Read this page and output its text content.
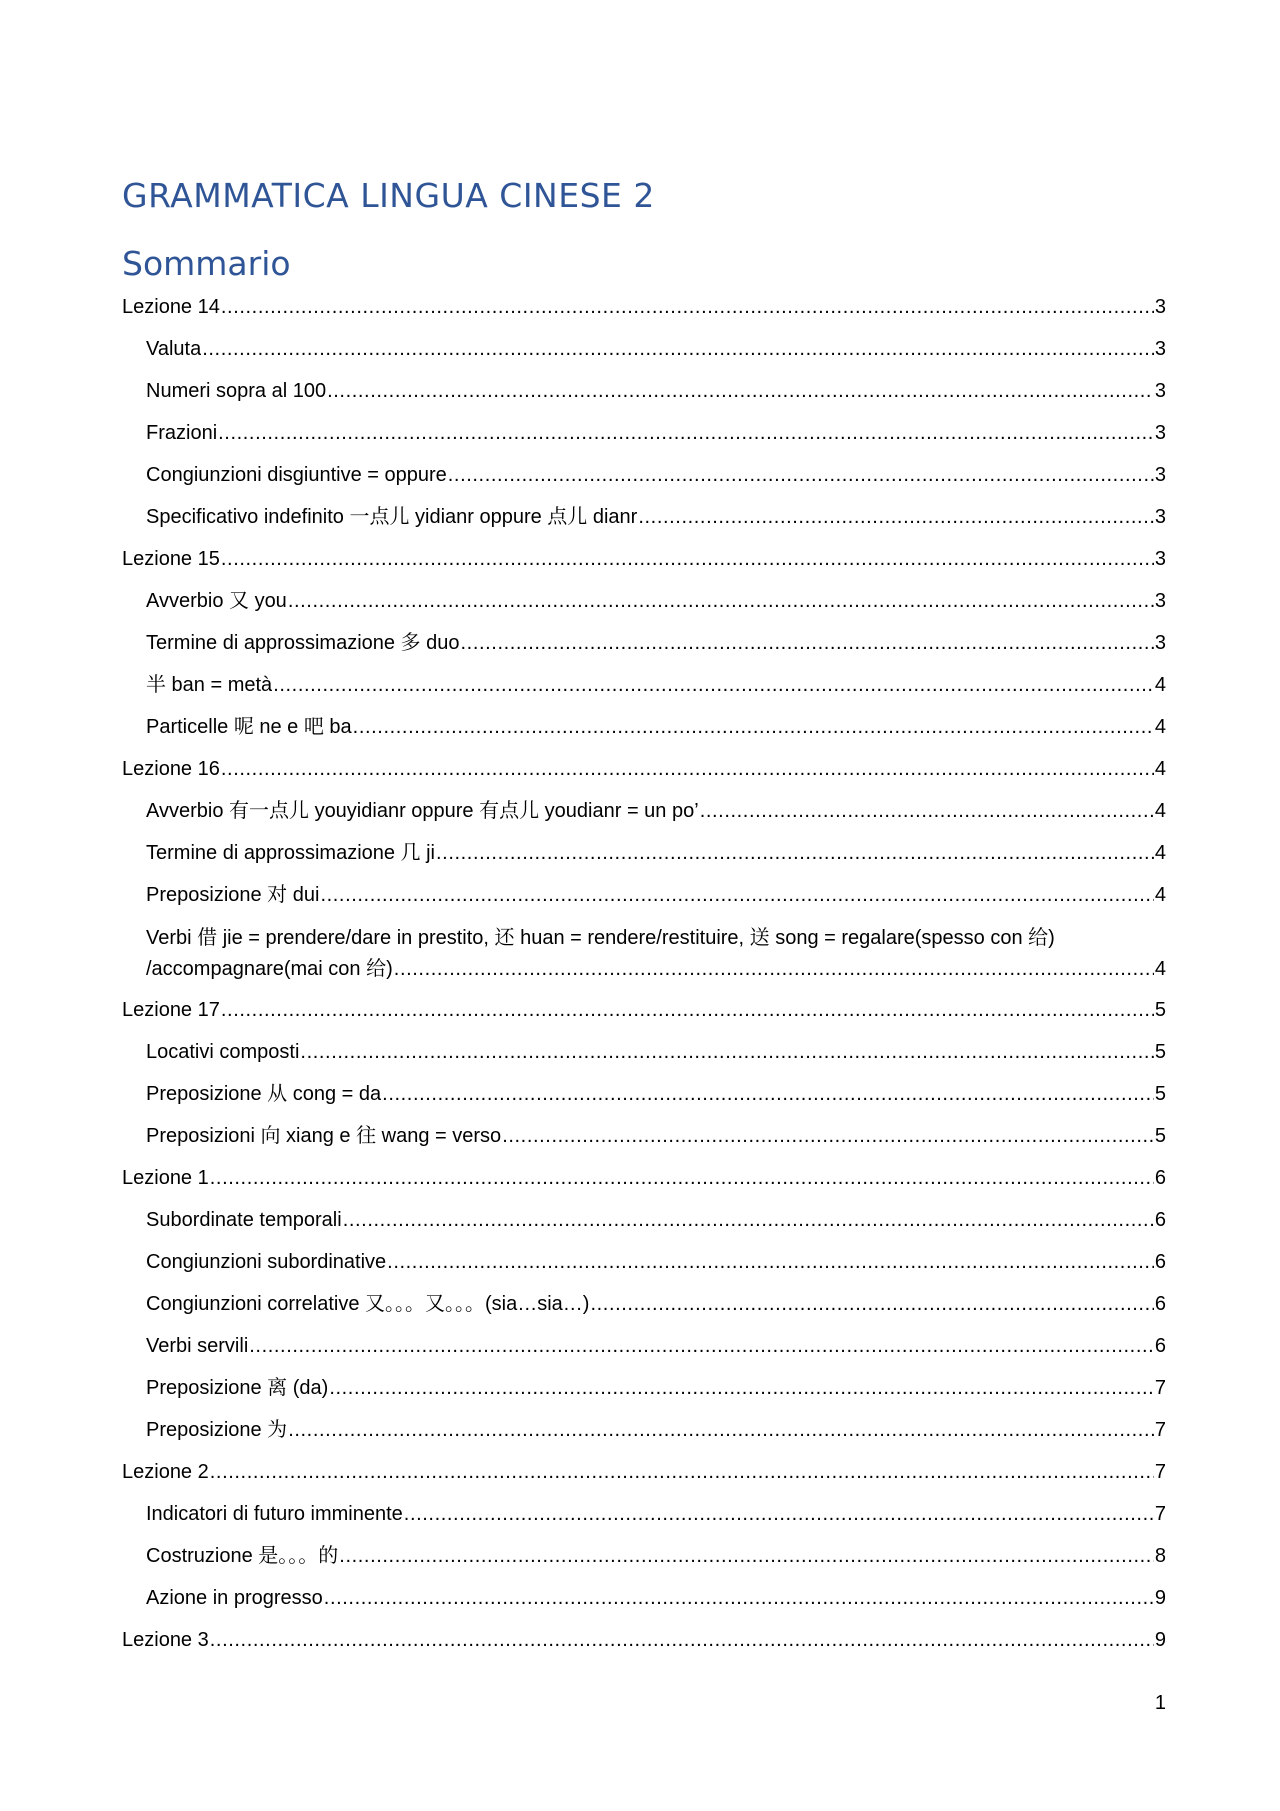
GRAMMATICA LINGUA CINESE 2
Sommario
Lezione 14 .....	3
Valuta .....	3
Numeri sopra al 100 .....	3
Frazioni .....	3
Congiunzioni disgiuntive = oppure .....	3
Specificativo indefinito 一点儿 yidianr oppure 点儿 dianr .....	3
Lezione 15 .....	3
Avverbio 又 you .....	3
Termine di approssimazione 多 duo .....	3
半 ban = metà .....	4
Particelle 呢 ne e 吧 ba .....	4
Lezione 16 .....	4
Avverbio 有一点儿 youyidianr oppure 有点儿 youdianr = un po’ .....	4
Termine di approssimazione 几 ji .....	4
Preposizione 对 dui .....	4
Verbi 借 jie = prendere/dare in prestito, 还 huan = rendere/restituire, 送 song = regalare(spesso con 给)
/accompagnare(mai con 给) .....	4
Lezione 17 .....	5
Locativi composti .....	5
Preposizione 从 cong = da .....	5
Preposizioni 向 xiang e 往 wang = verso .....	5
Lezione 1 .....	6
Subordinate temporali .....	6
Congiunzioni subordinative .....	6
Congiunzioni correlative 又。。。又。。。(sia…sia…) .....	6
Verbi servili .....	6
Preposizione 离 (da) .....	7
Preposizione 为 .....	7
Lezione 2 .....	7
Indicatori di futuro imminente .....	7
Costruzione 是。。。的 .....	8
Azione in progresso .....	9
Lezione 3 .....	9
1
